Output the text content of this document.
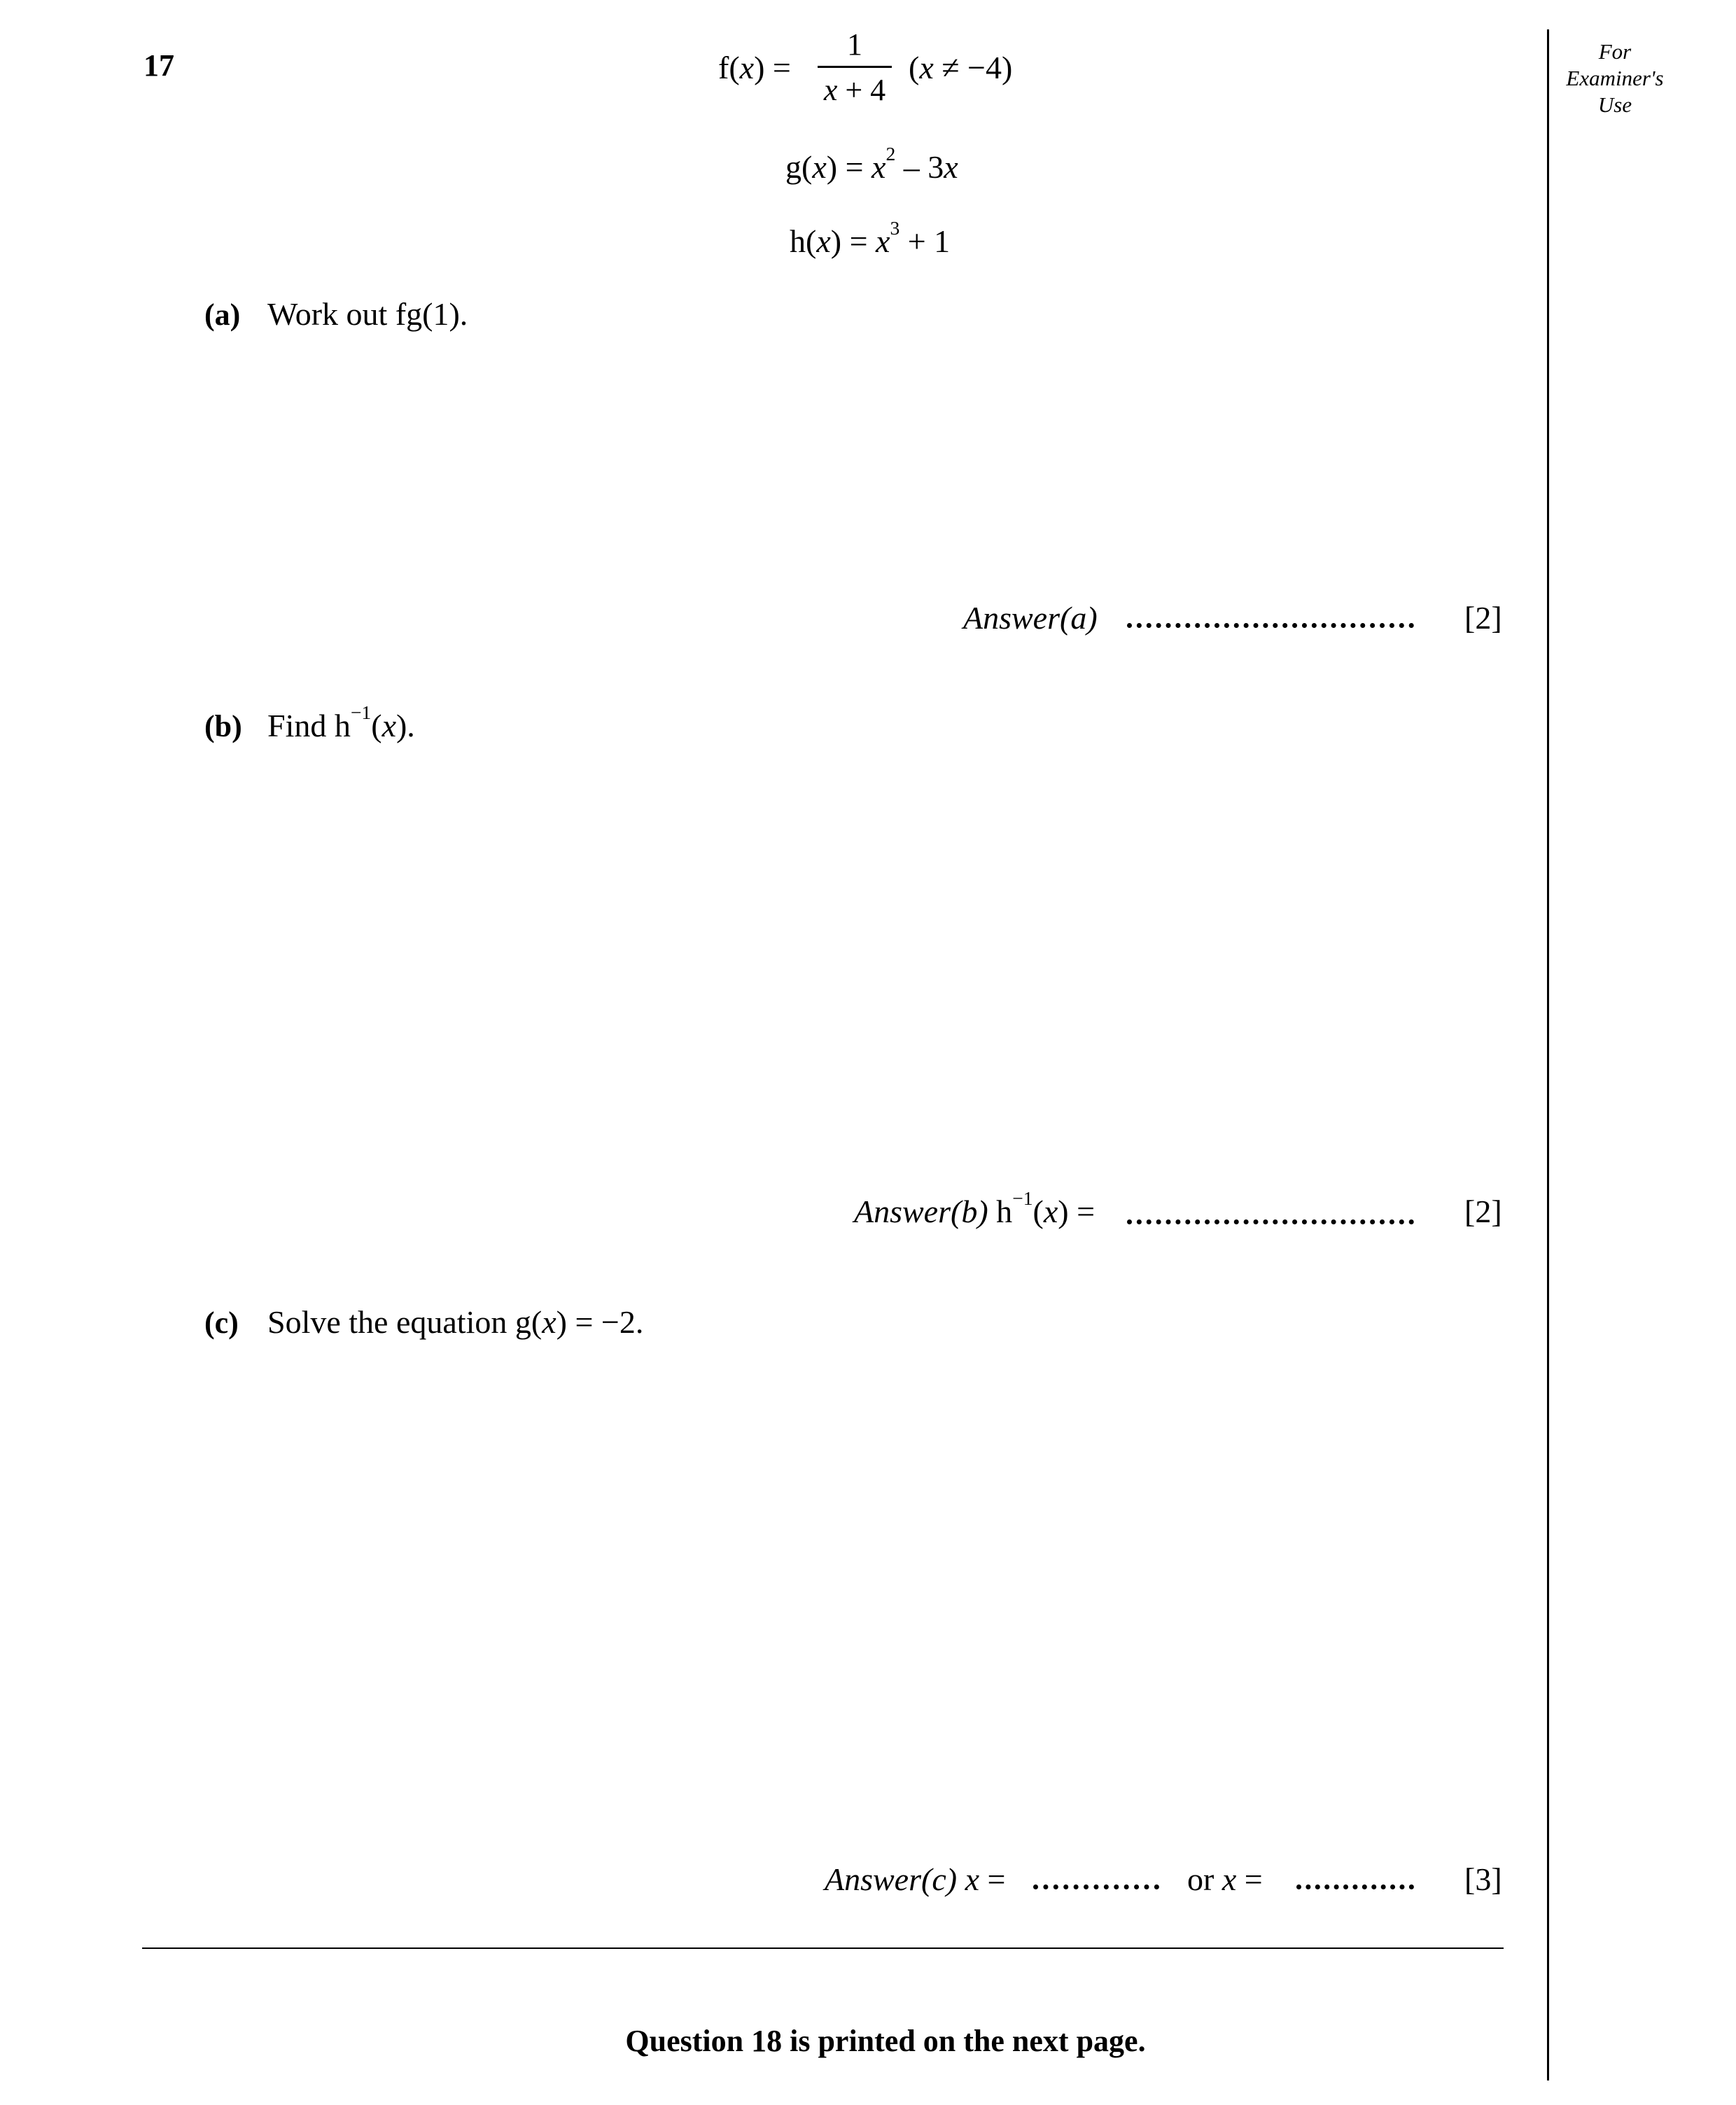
17	For
Examiner's
Use
f(x) =
1
x + 4
(x ≠ −4)
$g(x) = x^2 - 3x$
$h(x) = x^3 + 1$
(a) Work out fg(1).
Answer(a)	[2]
(b) Find $h^{-1}(x)$.
Answer(b) $h^{-1}(x)$ =	[2]
(c) Solve the equation g(x) = −2.
Answer(c) x =	or x =	[3]
Question 18 is printed on the next page.
